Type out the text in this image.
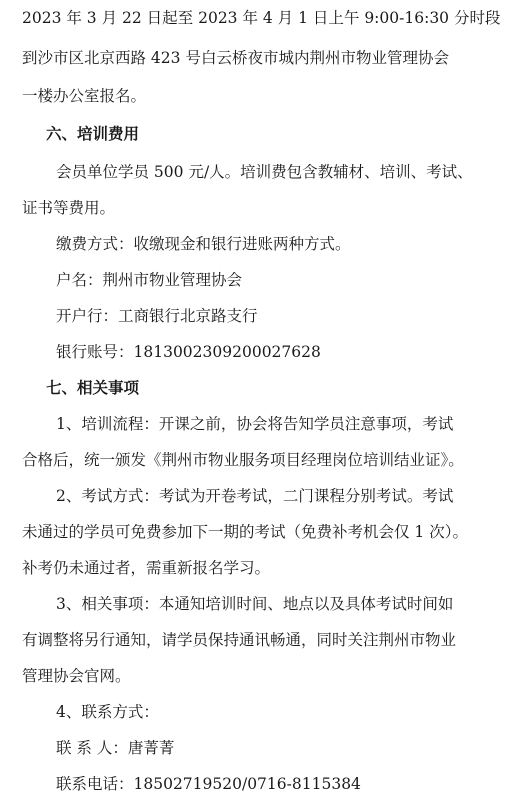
2023 年 3 月 22 日起至 2023 年 4 月 1 日上午 9:00-16:30 分时段
到沙市区北京西路 423 号白云桥夜市城内荆州市物业管理协会
一楼办公室报名。
六、培训费用
会员单位学员 500 元/人。培训费包含教辅材、培训、考试、
证书等费用。
缴费方式：收缴现金和银行进账两种方式。
户名：荆州市物业管理协会
开户行：工商银行北京路支行
银行账号：1813002309200027628
七、相关事项
1、培训流程：开课之前，协会将告知学员注意事项，考试
合格后，统一颁发《荆州市物业服务项目经理岗位培训结业证》。
2、考试方式：考试为开卷考试，二门课程分别考试。考试
未通过的学员可免费参加下一期的考试（免费补考机会仅 1 次）。
补考仍未通过者，需重新报名学习。
3、相关事项：本通知培训时间、地点以及具体考试时间如
有调整将另行通知，请学员保持通讯畅通，同时关注荆州市物业
管理协会官网。
4、联系方式：
联 系 人：唐菁菁
联系电话：18502719520/0716-8115384
